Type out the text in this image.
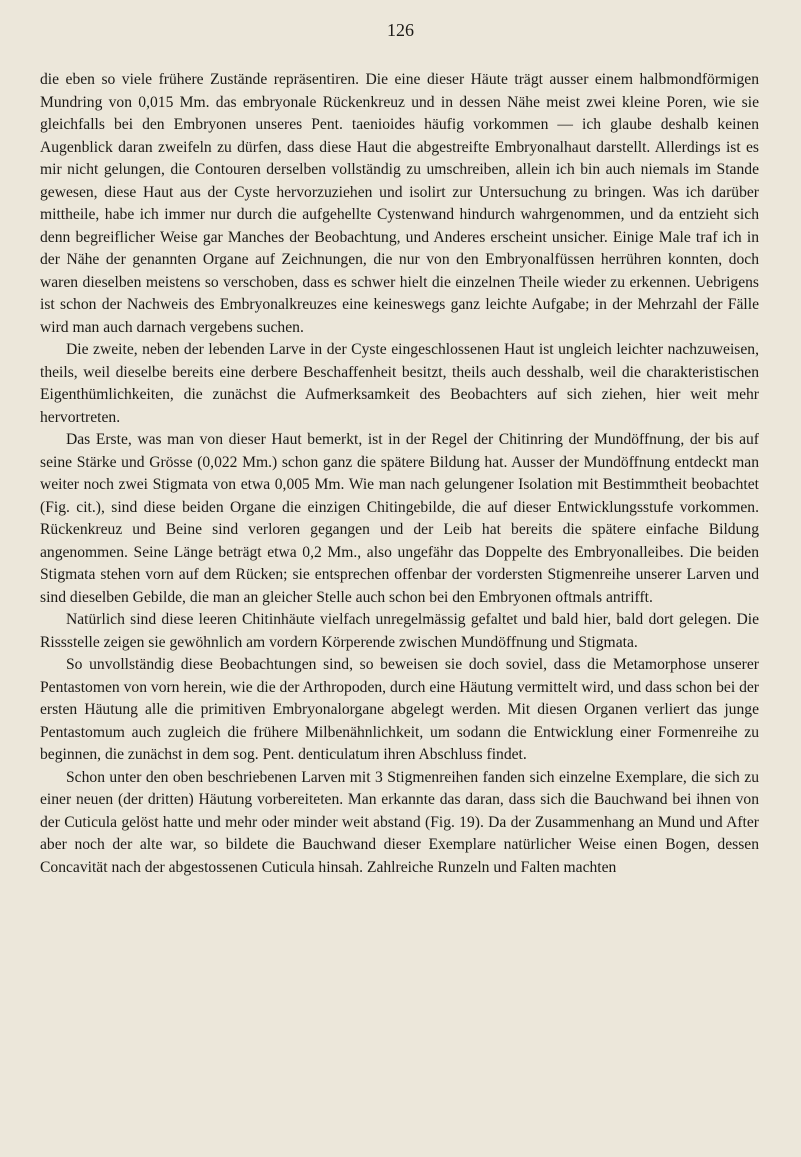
126

die eben so viele frühere Zustände repräsentiren. Die eine dieser Häute trägt ausser einem halbmondförmigen Mundring von 0,015 Mm. das embryonale Rückenkreuz und in dessen Nähe meist zwei kleine Poren, wie sie gleichfalls bei den Embryonen unseres Pent. taenioides häufig vorkommen — ich glaube deshalb keinen Augenblick daran zweifeln zu dürfen, dass diese Haut die abgestreifte Embryonalhaut darstellt. Allerdings ist es mir nicht gelungen, die Contouren derselben vollständig zu umschreiben, allein ich bin auch niemals im Stande gewesen, diese Haut aus der Cyste hervorzuziehen und isolirt zur Untersuchung zu bringen. Was ich darüber mittheile, habe ich immer nur durch die aufgehellte Cystenwand hindurch wahrgenommen, und da entzieht sich denn begreiflicher Weise gar Manches der Beobachtung, und Anderes erscheint unsicher. Einige Male traf ich in der Nähe der genannten Organe auf Zeichnungen, die nur von den Embryonalfüssen herrühren konnten, doch waren dieselben meistens so verschoben, dass es schwer hielt die einzelnen Theile wieder zu erkennen. Uebrigens ist schon der Nachweis des Embryonalkreuzes eine keineswegs ganz leichte Aufgabe; in der Mehrzahl der Fälle wird man auch darnach vergebens suchen.

Die zweite, neben der lebenden Larve in der Cyste eingeschlossenen Haut ist ungleich leichter nachzuweisen, theils, weil dieselbe bereits eine derbere Beschaffenheit besitzt, theils auch desshalb, weil die charakteristischen Eigenthümlichkeiten, die zunächst die Aufmerksamkeit des Beobachters auf sich ziehen, hier weit mehr hervortreten.

Das Erste, was man von dieser Haut bemerkt, ist in der Regel der Chitinring der Mundöffnung, der bis auf seine Stärke und Grösse (0,022 Mm.) schon ganz die spätere Bildung hat. Ausser der Mundöffnung entdeckt man weiter noch zwei Stigmata von etwa 0,005 Mm. Wie man nach gelungener Isolation mit Bestimmtheit beobachtet (Fig. cit.), sind diese beiden Organe die einzigen Chitingebilde, die auf dieser Entwicklungsstufe vorkommen. Rückenkreuz und Beine sind verloren gegangen und der Leib hat bereits die spätere einfache Bildung angenommen. Seine Länge beträgt etwa 0,2 Mm., also ungefähr das Doppelte des Embryonalleibes. Die beiden Stigmata stehen vorn auf dem Rücken; sie entsprechen offenbar der vordersten Stigmenreihe unserer Larven und sind dieselben Gebilde, die man an gleicher Stelle auch schon bei den Embryonen oftmals antrifft.

Natürlich sind diese leeren Chitinhäute vielfach unregelmässig gefaltet und bald hier, bald dort gelegen. Die Rissstelle zeigen sie gewöhnlich am vordern Körperende zwischen Mundöffnung und Stigmata.

So unvollständig diese Beobachtungen sind, so beweisen sie doch soviel, dass die Metamorphose unserer Pentastomen von vorn herein, wie die der Arthropoden, durch eine Häutung vermittelt wird, und dass schon bei der ersten Häutung alle die primitiven Embryonalorgane abgelegt werden. Mit diesen Organen verliert das junge Pentastomum auch zugleich die frühere Milbenähnlichkeit, um sodann die Entwicklung einer Formenreihe zu beginnen, die zunächst in dem sog. Pent. denticulatum ihren Abschluss findet.

Schon unter den oben beschriebenen Larven mit 3 Stigmenreihen fanden sich einzelne Exemplare, die sich zu einer neuen (der dritten) Häutung vorbereiteten. Man erkannte das daran, dass sich die Bauchwand bei ihnen von der Cuticula gelöst hatte und mehr oder minder weit abstand (Fig. 19). Da der Zusammenhang an Mund und After aber noch der alte war, so bildete die Bauchwand dieser Exemplare natürlicher Weise einen Bogen, dessen Concavität nach der abgestossenen Cuticula hinsah. Zahlreiche Runzeln und Falten machten
